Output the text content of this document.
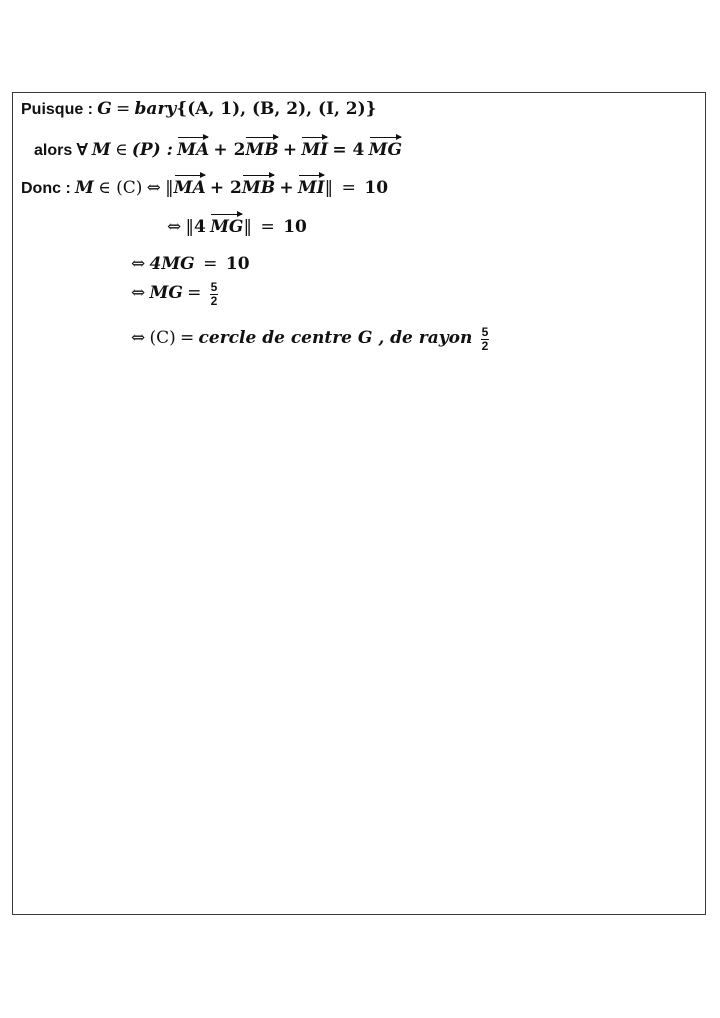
Puisque : G = bary{(A, 1), (B, 2), (I, 2)}
alors ∀ M ∈ (P) : MA + 2MB + MI = 4 MG
Donc : M ∈ (C) ⇔ ‖MA + 2MB + MI‖ = 10
⇔ ‖4 MG‖ = 10
⇔ 4MG = 10
⇔ MG = $\frac{5}{2}$
⇔ (C) = cercle de centre G , de rayon $\frac{5}{2}$
